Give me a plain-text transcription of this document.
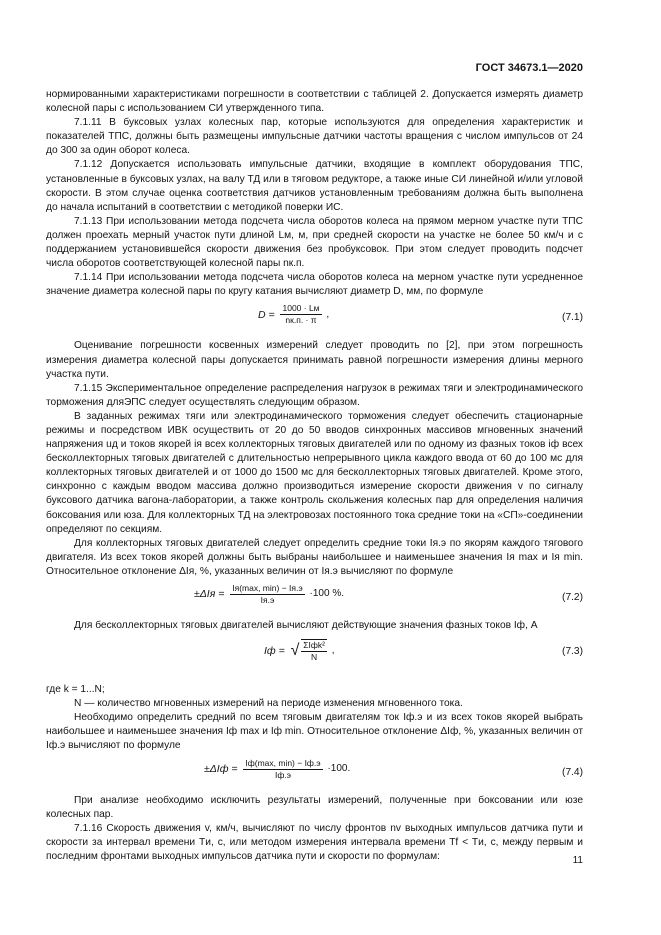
ГОСТ 34673.1—2020

нормированными характеристиками погрешности в соответствии с таблицей 2. Допускается измерять диаметр колесной пары с использованием СИ утвержденного типа.

7.1.11 В буксовых узлах колесных пар, которые используются для определения характеристик и показателей ТПС, должны быть размещены импульсные датчики частоты вращения с числом импульсов от 24 до 300 за один оборот колеса.

7.1.12 Допускается использовать импульсные датчики, входящие в комплект оборудования ТПС, установленные в буксовых узлах, на валу ТД или в тяговом редукторе, а также иные СИ линейной и/или угловой скорости. В этом случае оценка соответствия датчиков установленным требованиям должна быть выполнена до начала испытаний в соответствии с методикой поверки ИС.

7.1.13 При использовании метода подсчета числа оборотов колеса на прямом мерном участке пути ТПС должен проехать мерный участок пути длиной Lм, м, при средней скорости на участке не более 50 км/ч и с поддержанием установившейся скорости движения без пробуксовок. При этом следует проводить подсчет числа оборотов соответствующей колесной пары nк.п.

7.1.14 При использовании метода подсчета числа оборотов колеса на мерном участке пути усредненное значение диаметра колесной пары по кругу катания вычисляют диаметр D, мм, по формуле

$D = \frac{1000 \cdot Lм}{nк.п. \cdot \pi}$ ,	(7.1)

Оценивание погрешности косвенных измерений следует проводить по [2], при этом погрешность измерения диаметра колесной пары допускается принимать равной погрешности измерения длины мерного участка пути.

7.1.15 Экспериментальное определение распределения нагрузок в режимах тяги и электродинамического торможения дляЭПС следует осуществлять следующим образом.

В заданных режимах тяги или электродинамического торможения следует обеспечить стационарные режимы и посредством ИВК осуществить от 20 до 50 вводов синхронных массивов мгновенных значений напряжения uд и токов якорей iя всех коллекторных тяговых двигателей или по одному из фазных токов iф всех бесколлекторных тяговых двигателей с длительностью непрерывного цикла каждого ввода от 60 до 100 мс для коллекторных тяговых двигателей и от 1000 до 1500 мс для бесколлекторных тяговых двигателей. Кроме этого, синхронно с каждым вводом массива должно производиться измерение скорости движения v по сигналу буксового датчика вагона-лаборатории, а также контроль скольжения колесных пар для определения наличия боксования или юза. Для коллекторных ТД на электровозах постоянного тока средние токи на «СП»-соединении определяют по секциям.

Для коллекторных тяговых двигателей следует определить средние токи Iя.э по якорям каждого тягового двигателя. Из всех токов якорей должны быть выбраны наибольшее и наименьшее значения Iя max и Iя min. Относительное отклонение ΔIя, %, указанных величин от Iя.э вычисляют по формуле

$\pm\Delta Iя = \frac{Iя(\max, \min) - Iя.э}{Iя.э} \cdot 100$ %.	(7.2)

Для бесколлекторных тяговых двигателей вычисляют действующие значения фазных токов Iф, А

Iф = √ $\frac{\text{ΣIфk²}}{N}$ ,	(7.3)

где k = 1...N;

N — количество мгновенных измерений на периоде изменения мгновенного тока.

Необходимо определить средний по всем тяговым двигателям ток Iф.э и из всех токов якорей выбрать наибольшее и наименьшее значения Iф max и Iф min. Относительное отклонение ΔIф, %, указанных величин от Iф.э вычисляют по формуле

$\pm\Delta Iф = \frac{Iф(\max, \min) - Iф.э}{Iф.э} \cdot 100$.	(7.4)

При анализе необходимо исключить результаты измерений, полученные при боксовании или юзе колесных пар.

7.1.16 Скорость движения v, км/ч, вычисляют по числу фронтов nv выходных импульсов датчика пути и скорости за интервал времени Tи, с, или методом измерения интервала времени Tf < Tи, с, между первым и последним фронтами выходных импульсов датчика пути и скорости по формулам:	11
